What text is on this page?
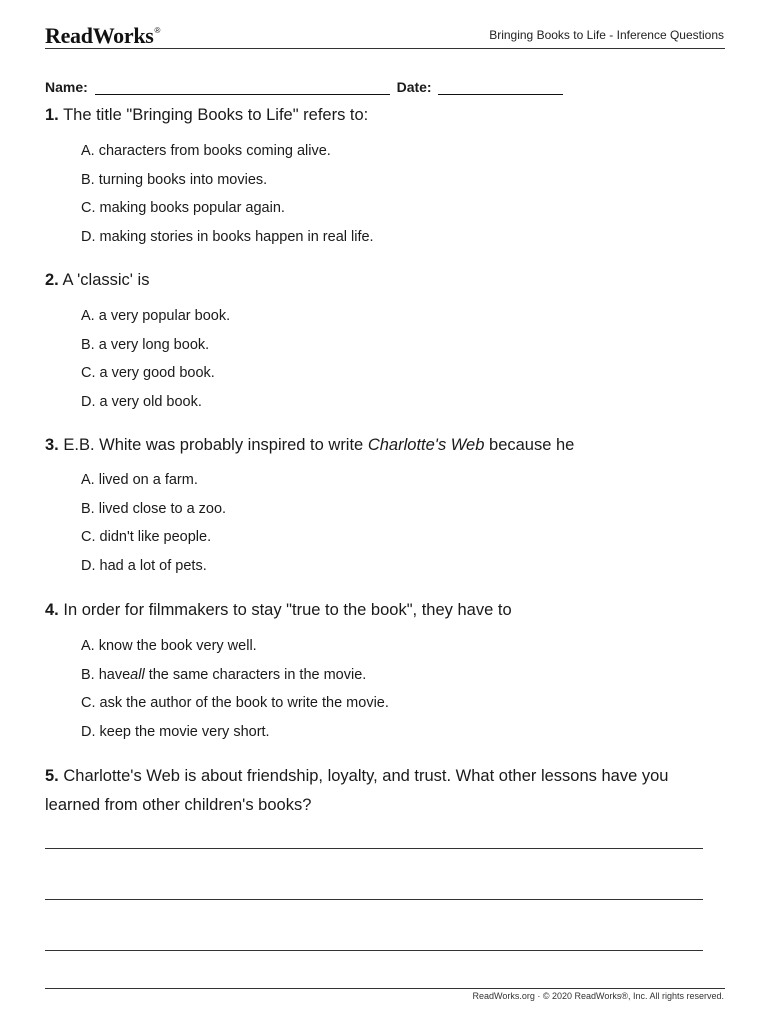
ReadWorks®	Bringing Books to Life - Inference Questions
Name:	Date:
1. The title "Bringing Books to Life" refers to:
A. characters from books coming alive.
B. turning books into movies.
C. making books popular again.
D. making stories in books happen in real life.
2. A 'classic' is
A. a very popular book.
B. a very long book.
C. a very good book.
D. a very old book.
3. E.B. White was probably inspired to write Charlotte's Web because he
A. lived on a farm.
B. lived close to a zoo.
C. didn't like people.
D. had a lot of pets.
4. In order for filmmakers to stay "true to the book", they have to
A. know the book very well.
B. haveall the same characters in the movie.
C. ask the author of the book to write the movie.
D. keep the movie very short.
5. Charlotte's Web is about friendship, loyalty, and trust. What other lessons have you learned from other children's books?
ReadWorks.org · © 2020 ReadWorks®, Inc. All rights reserved.
